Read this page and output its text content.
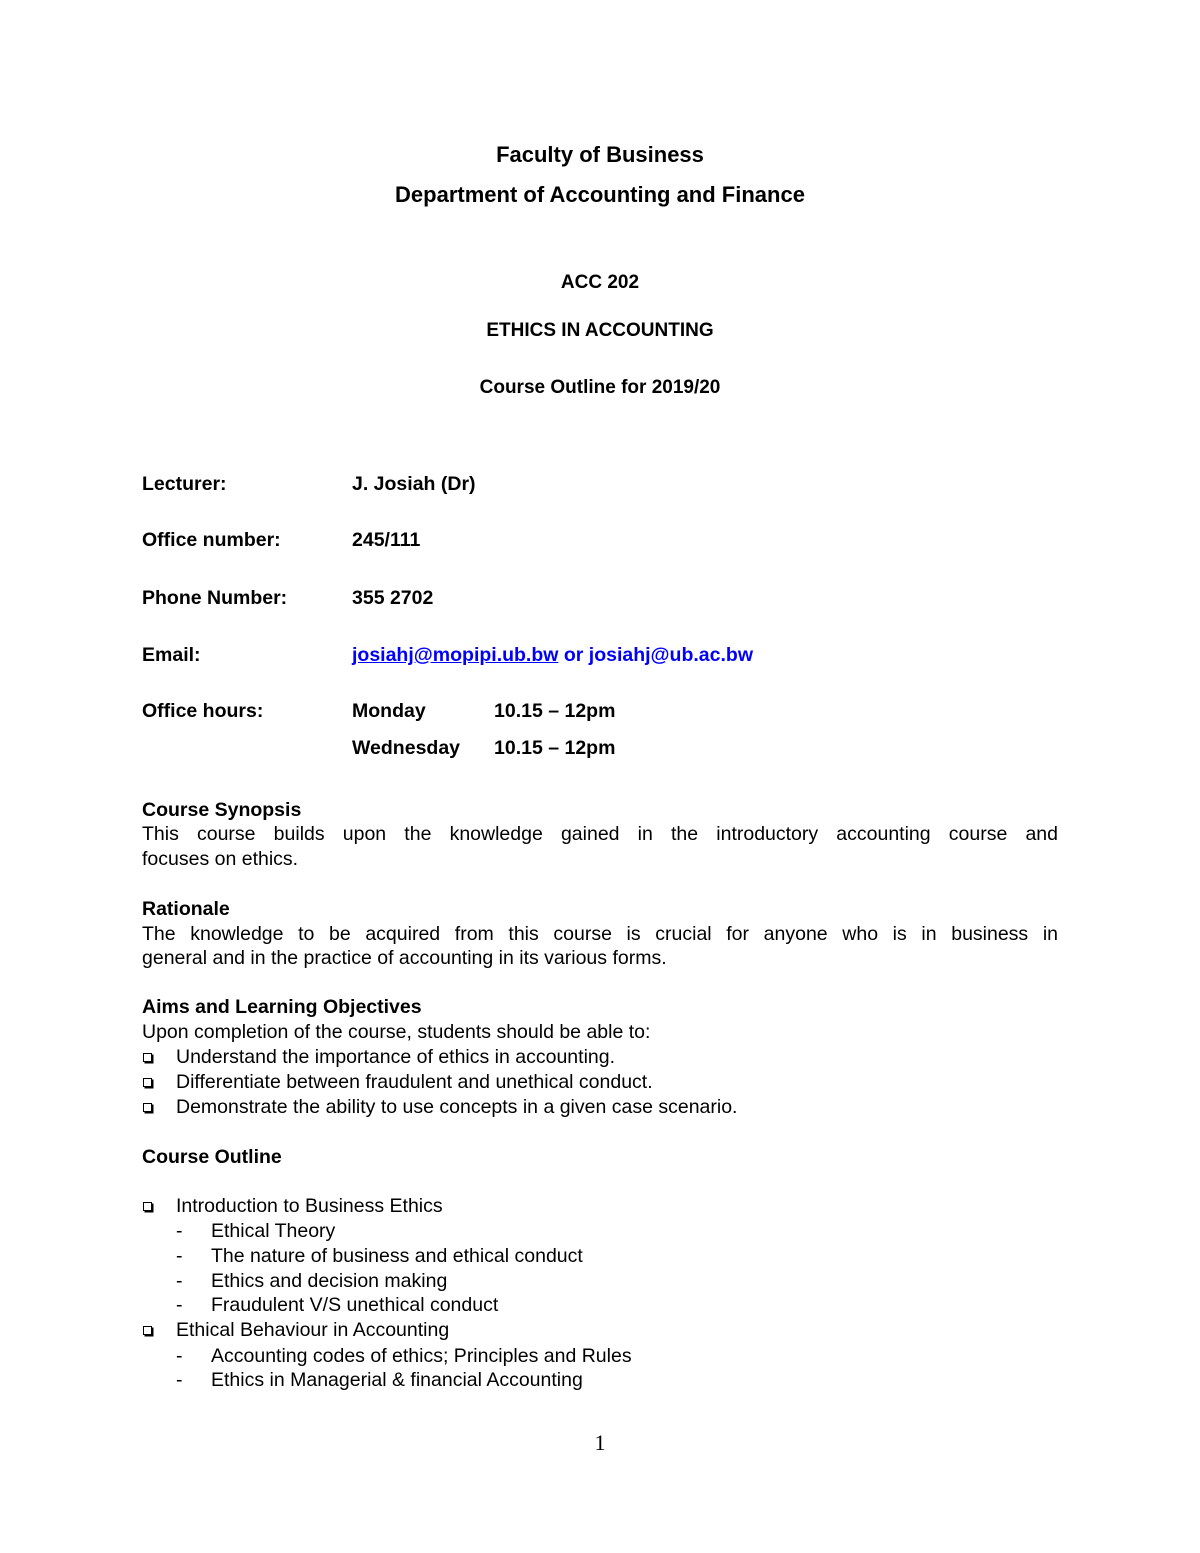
Faculty of Business
Department of Accounting and Finance
ACC 202
ETHICS IN ACCOUNTING
Course Outline for 2019/20
Lecturer:	J. Josiah (Dr)
Office number:	245/111
Phone Number:	355 2702
Email:	josiahj@mopipi.ub.bw or josiahj@ub.ac.bw
Office hours:	Monday	10.15 – 12pm
Wednesday 10.15 – 12pm
Course Synopsis
This course builds upon the knowledge gained in the introductory accounting course and
focuses on ethics.
Rationale
The knowledge to be acquired from this course is crucial for anyone who is in business in
general and in the practice of accounting in its various forms.
Aims and Learning Objectives
Upon completion of the course, students should be able to:
Understand the importance of ethics in accounting.
Differentiate between fraudulent and unethical conduct.
Demonstrate the ability to use concepts in a given case scenario.
Course Outline
Introduction to Business Ethics
- Ethical Theory
- The nature of business and ethical conduct
- Ethics and decision making
- Fraudulent V/S unethical conduct
Ethical Behaviour in Accounting
- Accounting codes of ethics; Principles and Rules
- Ethics in Managerial & financial Accounting
1
